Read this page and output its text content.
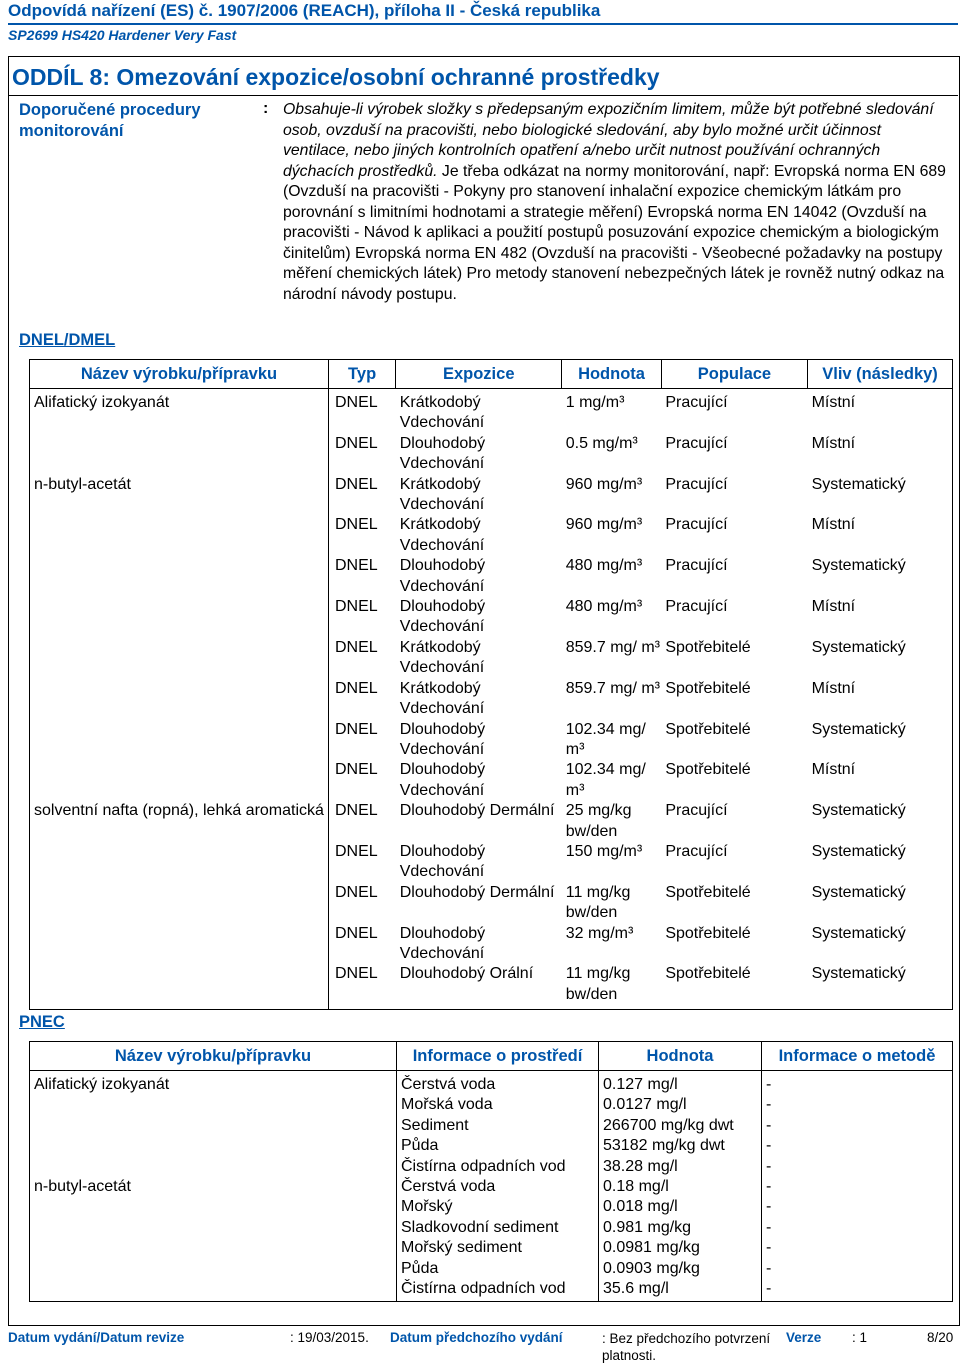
Odpovídá nařízení (ES) č. 1907/2006 (REACH), příloha II - Česká republika
SP2699 HS420 Hardener Very Fast
ODDÍL 8: Omezování expozice/osobní ochranné prostředky
Doporučené procedury monitorování
: Obsahuje-li výrobek složky s předepsaným expozičním limitem, může být potřebné sledování osob, ovzduší na pracovišti, nebo biologické sledování, aby bylo možné určit účinnost ventilace, nebo jiných kontrolních opatření a/nebo určit nutnost používání ochranných dýchacích prostředků. Je třeba odkázat na normy monitorování, např: Evropská norma EN 689 (Ovzduší na pracovišti - Pokyny pro stanovení inhalační expozice chemickým látkám pro porovnání s limitními hodnotami a strategie měření) Evropská norma EN 14042 (Ovzduší na pracovišti - Návod k aplikaci a použití postupů posuzování expozice chemickým a biologickým činitelům) Evropská norma EN 482 (Ovzduší na pracovišti - Všeobecné požadavky na postupy měření chemických látek) Pro metody stanovení nebezpečných látek je rovněž nutný odkaz na národní návody postupu.
DNEL/DMEL
Název výrobku/přípravku	Typ	Expozice	Hodnota	Populace	Vliv (následky)
Alifatický izokyanát	DNEL	Krátkodobý Vdechování	1 mg/m³	Pracující	Místní
	DNEL	Dlouhodobý Vdechování	0.5 mg/m³	Pracující	Místní
n-butyl-acetát	DNEL	Krátkodobý Vdechování	960 mg/m³	Pracující	Systematický
	DNEL	Krátkodobý Vdechování	960 mg/m³	Pracující	Místní
	DNEL	Dlouhodobý Vdechování	480 mg/m³	Pracující	Systematický
	DNEL	Dlouhodobý Vdechování	480 mg/m³	Pracující	Místní
	DNEL	Krátkodobý Vdechování	859.7 mg/ m³	Spotřebitelé	Systematický
	DNEL	Krátkodobý Vdechování	859.7 mg/ m³	Spotřebitelé	Místní
	DNEL	Dlouhodobý Vdechování	102.34 mg/ m³	Spotřebitelé	Systematický
	DNEL	Dlouhodobý Vdechování	102.34 mg/ m³	Spotřebitelé	Místní
solventní nafta (ropná), lehká aromatická	DNEL	Dlouhodobý Dermální	25 mg/kg bw/den	Pracující	Systematický
	DNEL	Dlouhodobý Vdechování	150 mg/m³	Pracující	Systematický
	DNEL	Dlouhodobý Dermální	11 mg/kg bw/den	Spotřebitelé	Systematický
	DNEL	Dlouhodobý Vdechování	32 mg/m³	Spotřebitelé	Systematický
	DNEL	Dlouhodobý Orální	11 mg/kg bw/den	Spotřebitelé	Systematický
PNEC
Název výrobku/přípravku	Informace o prostředí	Hodnota	Informace o metodě
Alifatický izokyanát	Čerstvá voda	0.127 mg/l	-
	Mořská voda	0.0127 mg/l	-
	Sediment	266700 mg/kg dwt	-
	Půda	53182 mg/kg dwt	-
	Čistírna odpadních vod	38.28 mg/l	-
n-butyl-acetát	Čerstvá voda	0.18 mg/l	-
	Mořský	0.018 mg/l	-
	Sladkovodní sediment	0.981 mg/kg	-
	Mořský sediment	0.0981 mg/kg	-
	Půda	0.0903 mg/kg	-
	Čistírna odpadních vod	35.6 mg/l	-
Datum vydání/Datum revize	: 19/03/2015. Datum předchozího vydání	: Bez předchozího potvrzení platnosti.
Verze : 1	8/20
